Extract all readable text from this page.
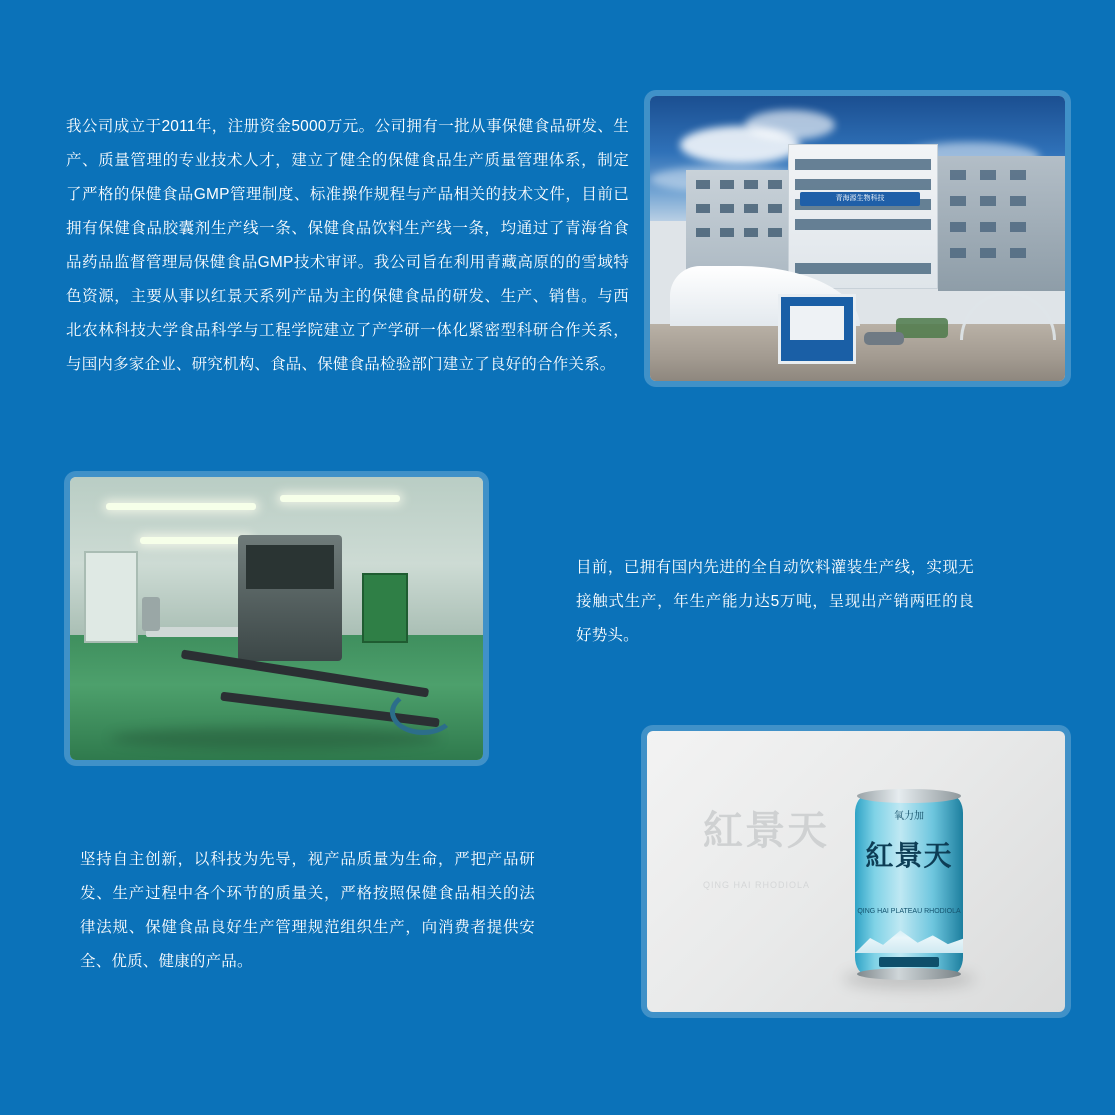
我公司成立于2011年，注册资金5000万元。公司拥有一批从事保健食品研发、生产、质量管理的专业技术人才，建立了健全的保健食品生产质量管理体系，制定了严格的保健食品GMP管理制度、标准操作规程与产品相关的技术文件，目前已拥有保健食品胶囊剂生产线一条、保健食品饮料生产线一条，均通过了青海省食品药品监督管理局保健食品GMP技术审评。我公司旨在利用青藏高原的的雪域特色资源，主要从事以红景天系列产品为主的保健食品的研发、生产、销售。与西北农林科技大学食品科学与工程学院建立了产学研一体化紧密型科研合作关系，与国内多家企业、研究机构、食品、保健食品检验部门建立了良好的合作关系。
青海源生物科技
目前，已拥有国内先进的全自动饮料灌装生产线，实现无接触式生产，年生产能力达5万吨，呈现出产销两旺的良好势头。
坚持自主创新，以科技为先导，视产品质量为生命，严把产品研发、生产过程中各个环节的质量关，严格按照保健食品相关的法律法规、保健食品良好生产管理规范组织生产，向消费者提供安全、优质、健康的产品。
紅景天 QING HAI RHODIOLA
氧力加
紅景天
QING HAI PLATEAU RHODIOLA
